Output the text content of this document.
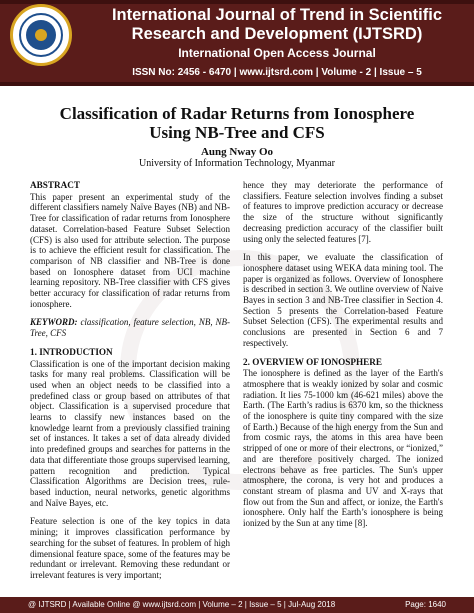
International Journal of Trend in Scientific Research and Development (IJTSRD)
International Open Access Journal
ISSN No: 2456 - 6470 | www.ijtsrd.com | Volume - 2 | Issue – 5
Classification of Radar Returns from Ionosphere Using NB-Tree and CFS
Aung Nway Oo
University of Information Technology, Myanmar
ABSTRACT

This paper present an experimental study of the different classifiers namely Naïve Bayes (NB) and NB-Tree for classification of radar returns from Ionosphere dataset. Correlation-based Feature Subset Selection (CFS) is also used for attribute selection. The purpose is to achieve the efficient result for classification. The comparison of NB classifier and NB-Tree is done based on Ionosphere dataset from UCI machine learning repository. NB-Tree classifier with CFS gives better accuracy for classification of radar returns from ionosphere.

KEYWORD: classification, feature selection, NB, NB-Tree, CFS

1. INTRODUCTION

Classification is one of the important decision making tasks for many real problems. Classification will be used when an object needs to be classified into a predefined class or group based on attributes of that object. Classification is a supervised procedure that learns to classify new instances based on the knowledge learnt from a previously classified training set of instances. It takes a set of data already divided into predefined groups and searches for patterns in the data that differentiate those groups supervised learning, pattern recognition and prediction. Typical Classification Algorithms are Decision trees, rule-based induction, neural networks, genetic algorithms and Naïve Bayes, etc.

Feature selection is one of the key topics in data mining; it improves classification performance by searching for the subset of features. In problem of high dimensional feature space, some of the features may be redundant or irrelevant. Removing these redundant or irrelevant features is very important;

hence they may deteriorate the performance of classifiers. Feature selection involves finding a subset of features to improve prediction accuracy or decrease the size of the structure without significantly decreasing prediction accuracy of the classifier built using only the selected features [7].

In this paper, we evaluate the classification of ionosphere dataset using WEKA data mining tool. The paper is organized as follows. Overview of Ionosphere is described in section 3. We outline overview of Naive Bayes in section 3 and NB-Tree classifier in Section 4. Section 5 presents the Correlation-based Feature Subset Selection (CFS). The experimental results and conclusions are presented in Section 6 and 7 respectively.

2. OVERVIEW OF IONOSPHERE

The ionosphere is defined as the layer of the Earth's atmosphere that is weakly ionized by solar and cosmic radiation. It lies 75-1000 km (46-621 miles) above the Earth. (The Earth’s radius is 6370 km, so the thickness of the ionosphere is quite tiny compared with the size of Earth.) Because of the high energy from the Sun and from cosmic rays, the atoms in this area have been stripped of one or more of their electrons, or “ionized,” and are therefore positively charged. The ionized electrons behave as free particles. The Sun's upper atmosphere, the corona, is very hot and produces a constant stream of plasma and UV and X-rays that flow out from the Sun and affect, or ionize, the Earth's ionosphere. Only half the Earth’s ionosphere is being ionized by the Sun at any time [8].

@ IJTSRD | Available Online @ www.ijtsrd.com | Volume – 2 | Issue – 5 | Jul-Aug 2018	Page: 1640
